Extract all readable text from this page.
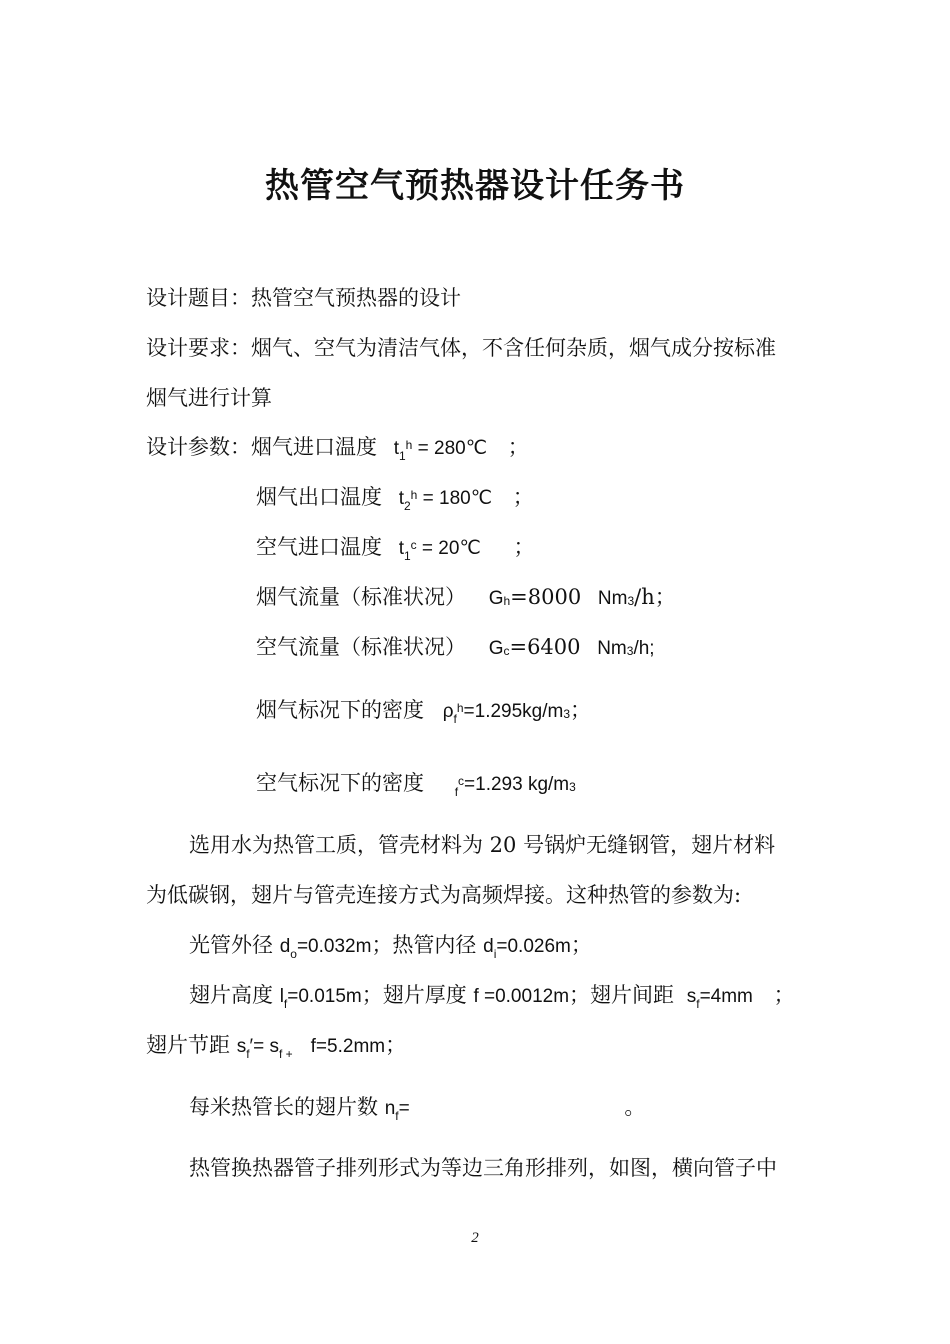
热管空气预热器设计任务书
设计题目：热管空气预热器的设计
设计要求：烟气、空气为清洁气体，不含任何杂质，烟气成分按标准
烟气进行计算
设计参数：烟气进口温度 $t_1^h$ = 280℃ ；
烟气出口温度 $t_2^h$ = 180℃ ；
空气进口温度 $t_1^c$ = 20℃ ；
烟气流量（标准状况） $G^h=8000$ Nm$^3$/h；
空气流量（标准状况） $G^c=6400$ Nm$^3$/h;
烟气标况下的密度 $\rho_f^h=1.295kg/m^3$；
空气标况下的密度	$_f^c$=1.293 $kg/m^3$
选用水为热管工质，管壳材料为 20 号锅炉无缝钢管，翅片材料
为低碳钢，翅片与管壳连接方式为高频焊接。这种热管的参数为:
光管外径 $d_o=0.032m$；热管内径 $d_i=0.026m$；
翅片高度 $l_f=0.015m$；翅片厚度 f =0.0012m；翅片间距 $s_f=4mm$ ；
翅片节距 $s_f'= s_{f +}$ f=5.2mm；
每米热管长的翅片数 $n_f=$	。
热管换热器管子排列形式为等边三角形排列，如图，横向管子中
2
